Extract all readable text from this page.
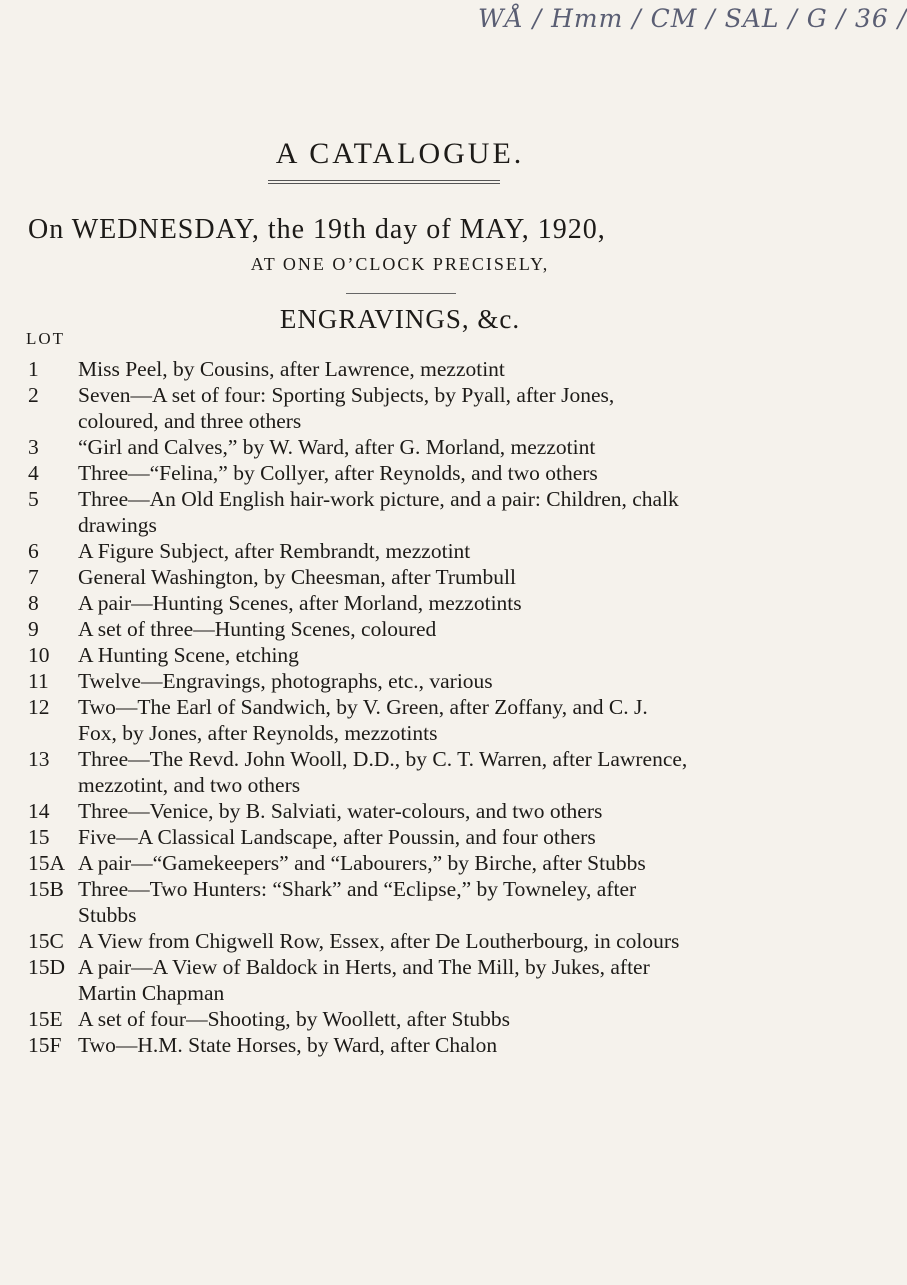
WÅ / Hmm / CM / SAL / G / 36 /
A CATALOGUE.
On WEDNESDAY, the 19th day of MAY, 1920,
AT ONE O’CLOCK PRECISELY,
ENGRAVINGS, &c.
LOT
1	Miss Peel, by Cousins, after Lawrence, mezzotint
2	Seven—A set of four: Sporting Subjects, by Pyall, after Jones,
coloured, and three others
3	“Girl and Calves,” by W. Ward, after G. Morland, mezzotint
4	Three—“Felina,” by Collyer, after Reynolds, and two others
5	Three—An Old English hair-work picture, and a pair: Children, chalk
drawings
6	A Figure Subject, after Rembrandt, mezzotint
7	General Washington, by Cheesman, after Trumbull
8	A pair—Hunting Scenes, after Morland, mezzotints
9	A set of three—Hunting Scenes, coloured
10	A Hunting Scene, etching
11	Twelve—Engravings, photographs, etc., various
12	Two—The Earl of Sandwich, by V. Green, after Zoffany, and C. J.
Fox, by Jones, after Reynolds, mezzotints
13	Three—The Revd. John Wooll, D.D., by C. T. Warren, after Lawrence,
mezzotint, and two others
14	Three—Venice, by B. Salviati, water-colours, and two others
15	Five—A Classical Landscape, after Poussin, and four others
15A A pair—“Gamekeepers” and “Labourers,” by Birche, after Stubbs
15B Three—Two Hunters: “Shark” and “Eclipse,” by Towneley, after
Stubbs
15C A View from Chigwell Row, Essex, after De Loutherbourg, in colours
15D A pair—A View of Baldock in Herts, and The Mill, by Jukes, after
Martin Chapman
15E A set of four—Shooting, by Woollett, after Stubbs
15F Two—H.M. State Horses, by Ward, after Chalon
